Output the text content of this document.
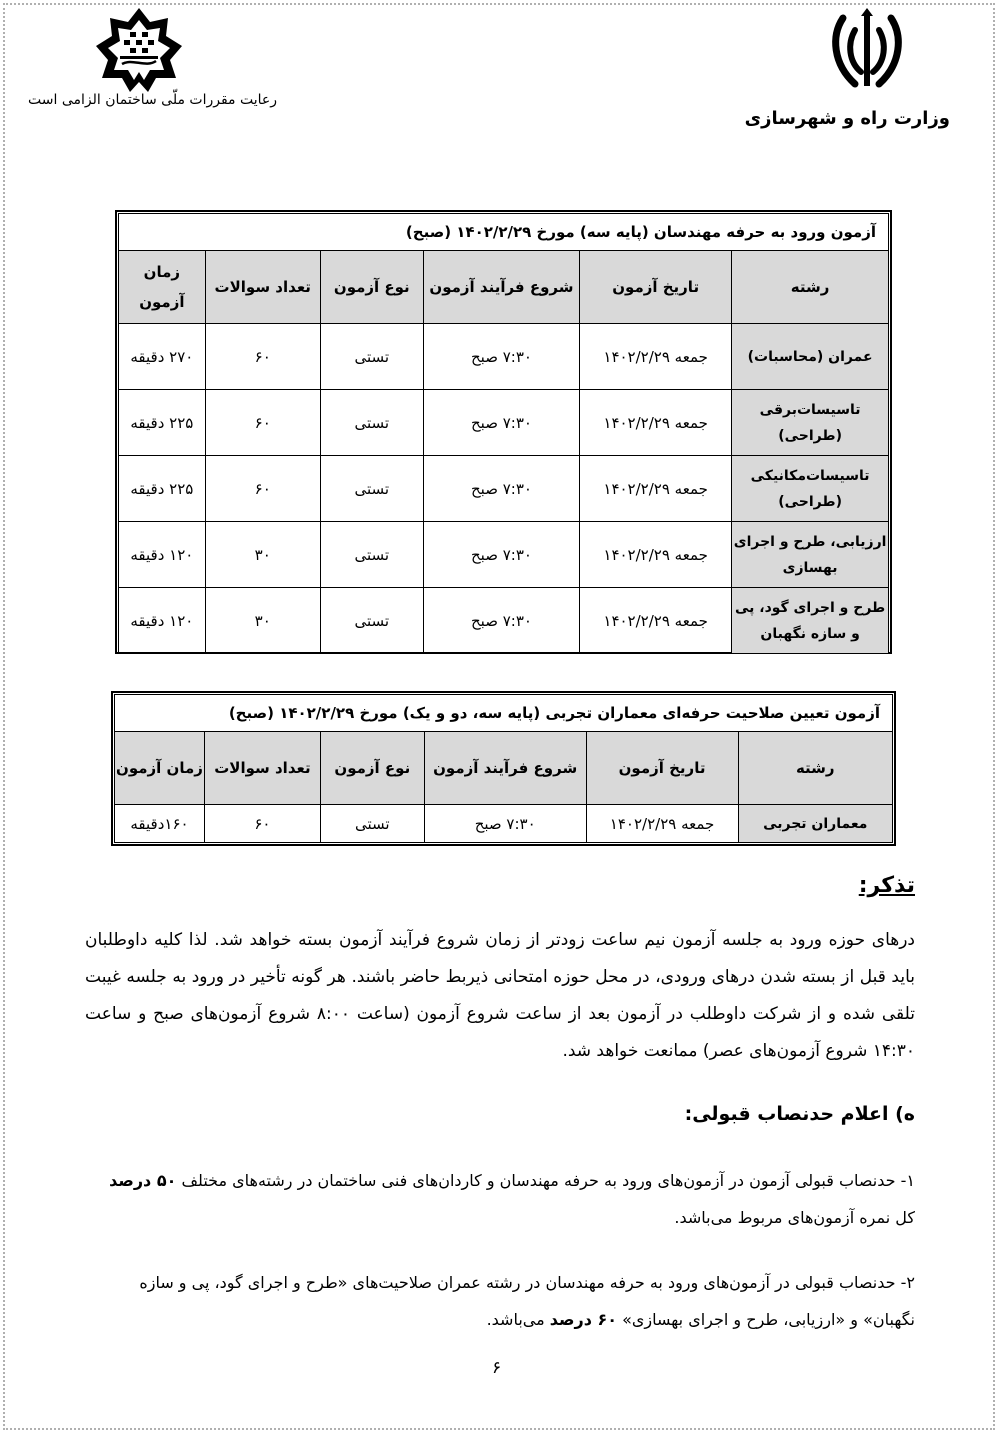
وزارت راه و شهرسازی
رعایت مقررات ملّی ساختمان الزامی است
آزمون ورود به حرفه مهندسان (پایه سه) مورخ ۱۴۰۲/۲/۲۹ (صبح)					
رشته	تاریخ آزمون	شروع فرآیند آزمون	نوع آزمون	تعداد سوالات	زمان آزمون
عمران (محاسبات)	جمعه ۱۴۰۲/۲/۲۹	۷:۳۰ صبح	تستی	۶۰	۲۷۰ دقیقه
تاسیسات‌برقی (طراحی)	جمعه ۱۴۰۲/۲/۲۹	۷:۳۰ صبح	تستی	۶۰	۲۲۵ دقیقه
تاسیسات‌مکانیکی (طراحی)	جمعه ۱۴۰۲/۲/۲۹	۷:۳۰ صبح	تستی	۶۰	۲۲۵ دقیقه
ارزیابی، طرح و اجرای بهسازی	جمعه ۱۴۰۲/۲/۲۹	۷:۳۰ صبح	تستی	۳۰	۱۲۰ دقیقه
طرح و اجرای گود، پی و سازه نگهبان	جمعه ۱۴۰۲/۲/۲۹	۷:۳۰ صبح	تستی	۳۰	۱۲۰ دقیقه
آزمون تعیین صلاحیت حرفه‌ای معماران تجربی (پایه سه، دو و یک) مورخ ۱۴۰۲/۲/۲۹ (صبح)					
رشته	تاریخ آزمون	شروع فرآیند آزمون	نوع آزمون	تعداد سوالات	زمان آزمون
معماران تجربی	جمعه ۱۴۰۲/۲/۲۹	۷:۳۰ صبح	تستی	۶۰	۱۶۰دقیقه
تذکر:
درهای حوزه ورود به جلسه آزمون نیم ساعت زودتر از زمان شروع فرآیند آزمون بسته خواهد شد. لذا کلیه داوطلبان باید قبل از بسته شدن درهای ورودی، در محل حوزه امتحانی ذیربط حاضر باشند. هر گونه تأخیر در ورود به جلسه غیبت تلقی شده و از شرکت داوطلب در آزمون بعد از ساعت شروع آزمون (ساعت ۸:۰۰ شروع آزمون‌های صبح و ساعت ۱۴:۳۰ شروع آزمون‌های عصر) ممانعت خواهد شد.
ه) اعلام حدنصاب قبولی:
۱- حدنصاب قبولی آزمون در آزمون‌های ورود به حرفه مهندسان و کاردان‌های فنی ساختمان در رشته‌های مختلف ۵۰ درصد کل نمره آزمون‌های مربوط می‌باشد.
۲- حدنصاب قبولی در آزمون‌های ورود به حرفه مهندسان در رشته عمران صلاحیت‌های «طرح و اجرای گود، پی و سازه نگهبان» و «ارزیابی، طرح و اجرای بهسازی» ۶۰ درصد می‌باشد.
۶
